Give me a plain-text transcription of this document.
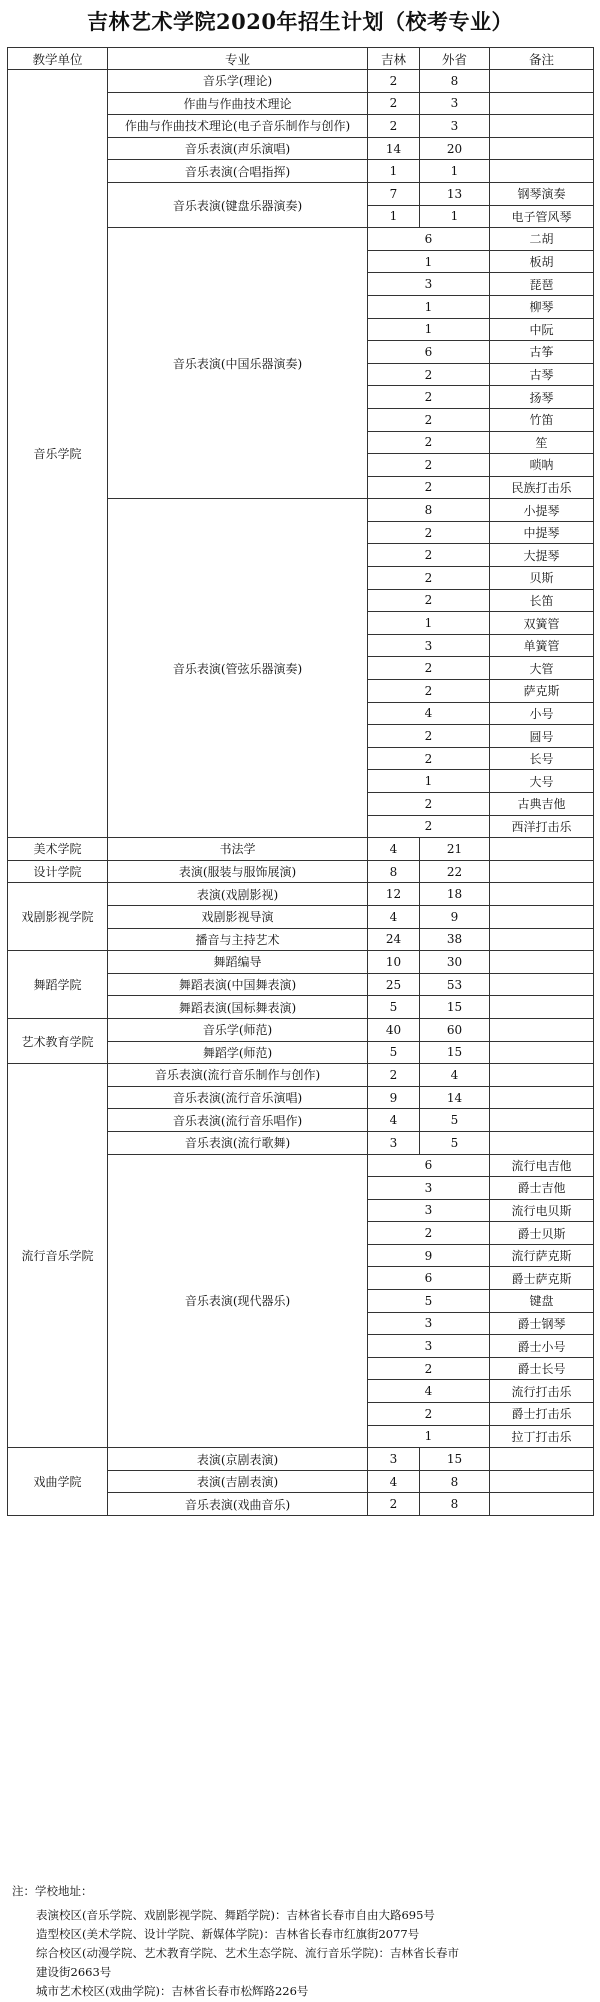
吉林艺术学院2020年招生计划（校考专业）
教学单位	专业	吉林	外省	备注
音乐学院	音乐学(理论)	2	8	
	作曲与作曲技术理论	2	3	
	作曲与作曲技术理论(电子音乐制作与创作)	2	3	
	音乐表演(声乐演唱)	14	20	
	音乐表演(合唱指挥)	1	1	
	音乐表演(键盘乐器演奏)	7	13	钢琴演奏
		1	1	电子管风琴
	音乐表演(中国乐器演奏)	6		二胡
		1		板胡
		3		琵琶
		1		柳琴
		1		中阮
		6		古筝
		2		古琴
		2		扬琴
		2		竹笛
		2		笙
		2		唢呐
		2		民族打击乐
	音乐表演(管弦乐器演奏)	8		小提琴
		2		中提琴
		2		大提琴
		2		贝斯
		2		长笛
		1		双簧管
		3		单簧管
		2		大管
		2		萨克斯
		4		小号
		2		圆号
		2		长号
		1		大号
		2		古典吉他
		2		西洋打击乐
美术学院	书法学	4	21	
设计学院	表演(服装与服饰展演)	8	22	
戏剧影视学院	表演(戏剧影视)	12	18	
	戏剧影视导演	4	9	
	播音与主持艺术	24	38	
舞蹈学院	舞蹈编导	10	30	
	舞蹈表演(中国舞表演)	25	53	
	舞蹈表演(国标舞表演)	5	15	
艺术教育学院	音乐学(师范)	40	60	
	舞蹈学(师范)	5	15	
流行音乐学院	音乐表演(流行音乐制作与创作)	2	4	
	音乐表演(流行音乐演唱)	9	14	
	音乐表演(流行音乐唱作)	4	5	
	音乐表演(流行歌舞)	3	5	
	音乐表演(现代器乐)	6		流行电吉他
		3		爵士吉他
		3		流行电贝斯
		2		爵士贝斯
		9		流行萨克斯
		6		爵士萨克斯
		5		键盘
		3		爵士钢琴
		3		爵士小号
		2		爵士长号
		4		流行打击乐
		2		爵士打击乐
		1		拉丁打击乐
戏曲学院	表演(京剧表演)	3	15	
	表演(吉剧表演)	4	8	
	音乐表演(戏曲音乐)	2	8	
注：学校地址：
表演校区(音乐学院、戏剧影视学院、舞蹈学院)：吉林省长春市自由大路695号
造型校区(美术学院、设计学院、新媒体学院)：吉林省长春市红旗街2077号
综合校区(动漫学院、艺术教育学院、艺术生态学院、流行音乐学院)：吉林省长春市
建设街2663号
城市艺术校区(戏曲学院)：吉林省长春市松辉路226号
